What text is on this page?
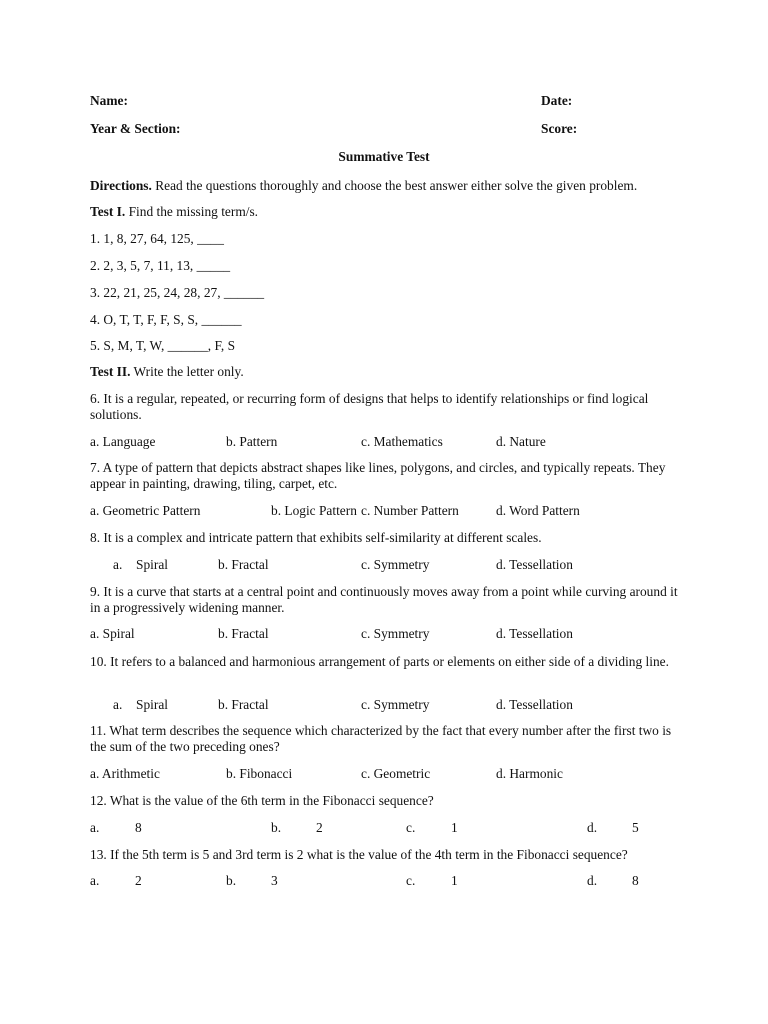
Name:	Date:
Year & Section:	Score:
Summative Test
Directions. Read the questions thoroughly and choose the best answer either solve the given problem.
Test I. Find the missing term/s.
1. 1, 8, 27, 64, 125, ____
2. 2, 3, 5, 7, 11, 13, _____
3. 22, 21, 25, 24, 28, 27, ______
4. O, T, T, F, F, S, S, ______
5. S, M, T, W, ______, F, S
Test II. Write the letter only.
6. It is a regular, repeated, or recurring form of designs that helps to identify relationships or find logical solutions.
a. Language	b. Pattern	c. Mathematics	d. Nature
7. A type of pattern that depicts abstract shapes like lines, polygons, and circles, and typically repeats. They appear in painting, drawing, tiling, carpet, etc.
a. Geometric Pattern	b. Logic Pattern c. Number Pattern	d. Word Pattern
8. It is a complex and intricate pattern that exhibits self-similarity at different scales.
a. Spiral	b. Fractal	c. Symmetry	d. Tessellation
9. It is a curve that starts at a central point and continuously moves away from a point while curving around it in a progressively widening manner.
a. Spiral	b. Fractal	c. Symmetry	d. Tessellation
10. It refers to a balanced and harmonious arrangement of parts or elements on either side of a dividing line.
a. Spiral	b. Fractal	c. Symmetry	d. Tessellation
11. What term describes the sequence which characterized by the fact that every number after the first two is the sum of the two preceding ones?
a. Arithmetic	b. Fibonacci	c. Geometric	d. Harmonic
12. What is the value of the 6th term in the Fibonacci sequence?
a.	8	b.	2	c.	1	d.	5
13. If the 5th term is 5 and 3rd term is 2 what is the value of the 4th term in the Fibonacci sequence?
a.	2	b.	3	c.	1	d.	8
